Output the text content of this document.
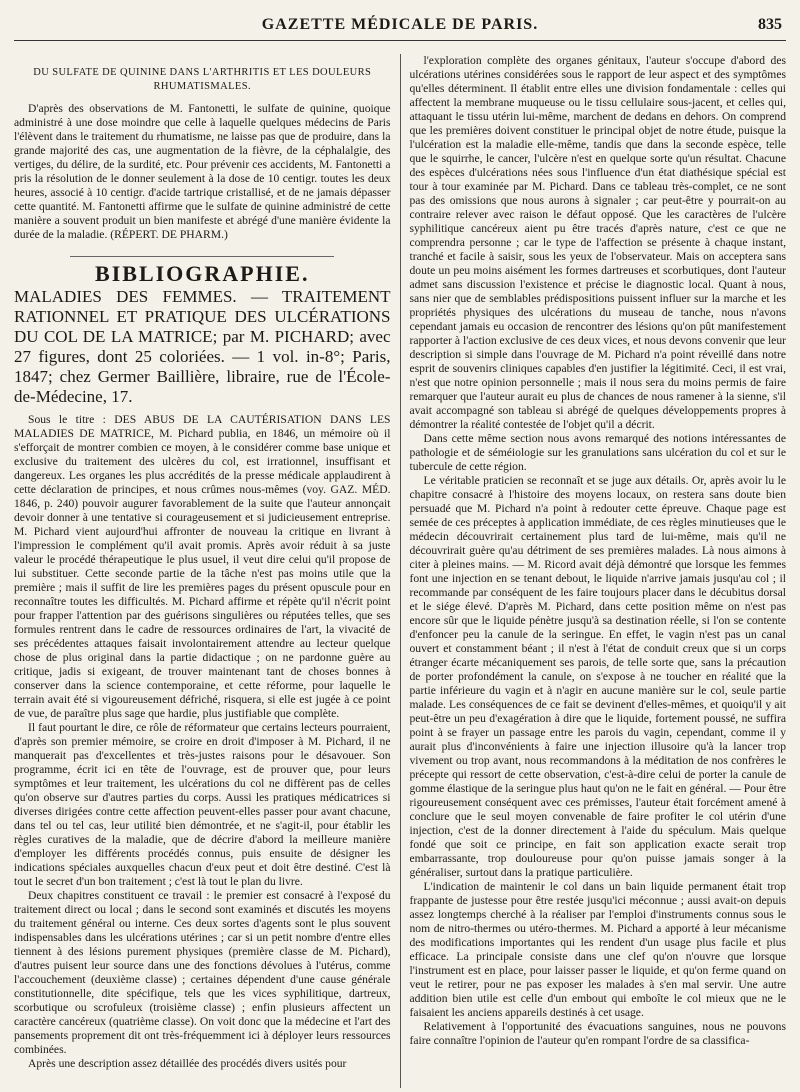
GAZETTE MÉDICALE DE PARIS.	835

DU SULFATE DE QUININE DANS L'ARTHRITIS ET LES DOULEURS RHUMATISMALES.

D'après des observations de M. Fantonetti, le sulfate de quinine, quoique administré à une dose moindre que celle à laquelle quelques médecins de Paris l'élèvent dans le traitement du rhumatisme, ne laisse pas que de produire, dans la grande majorité des cas, une augmentation de la fièvre, de la céphalalgie, des vertiges, du délire, de la surdité, etc. Pour prévenir ces accidents, M. Fantonetti a pris la résolution de le donner seulement à la dose de 10 centigr. toutes les deux heures, associé à 10 centigr. d'acide tartrique cristallisé, et de ne jamais dépasser cette quantité. M. Fantonetti affirme que le sulfate de quinine administré de cette manière a souvent produit un bien manifeste et abrégé d'une manière évidente la durée de la maladie. (RÉPERT. DE PHARM.)

BIBLIOGRAPHIE.

MALADIES DES FEMMES. — TRAITEMENT RATIONNEL ET PRATIQUE DES ULCÉRATIONS DU COL DE LA MATRICE; par M. PICHARD; avec 27 figures, dont 25 coloriées. — 1 vol. in-8°; Paris, 1847; chez Germer Baillière, libraire, rue de l'École-de-Médecine, 17.

Sous le titre : DES ABUS DE LA CAUTÉRISATION DANS LES MALADIES DE MATRICE, M. Pichard publia, en 1846, un mémoire où il s'efforçait de montrer combien ce moyen, à le considérer comme base unique et exclusive du traitement des ulcères du col, est irrationnel, insuffisant et dangereux. Les organes les plus accrédités de la presse médicale applaudirent à cette déclaration de principes, et nous crûmes nous-mêmes (voy. GAZ. MÉD. 1846, p. 240) pouvoir augurer favorablement de la suite que l'auteur annonçait devoir donner à une tentative si courageusement et si judicieusement entreprise. M. Pichard vient aujourd'hui affronter de nouveau la critique en livrant à l'impression le complément qu'il avait promis. Après avoir réduit à sa juste valeur le procédé thérapeutique le plus usuel, il veut dire celui qu'il propose de lui substituer. Cette seconde partie de la tâche n'est pas moins utile que la première ; mais il suffit de lire les premières pages du présent opuscule pour en reconnaître toutes les difficultés. M. Pichard affirme et répète qu'il n'écrit point pour frapper l'attention par des guérisons singulières ou réputées telles, que ses formules rentrent dans le cadre de ressources ordinaires de l'art, la vivacité de ses précédentes attaques faisait involontairement attendre au lecteur quelque chose de plus original dans la partie didactique ; on ne pardonne guère au critique, jadis si exigeant, de trouver maintenant tant de choses bonnes à conserver dans la science contemporaine, et cette réforme, pour laquelle le terrain avait été si vigoureusement défriché, risquera, si elle est jugée à ce point de vue, de paraître plus sage que hardie, plus justifiable que complète.

Il faut pourtant le dire, ce rôle de réformateur que certains lecteurs pourraient, d'après son premier mémoire, se croire en droit d'imposer à M. Pichard, il ne manquerait pas d'excellentes et très-justes raisons pour le désavouer. Son programme, écrit ici en tête de l'ouvrage, est de prouver que, pour leurs symptômes et leur traitement, les ulcérations du col ne diffèrent pas de celles qu'on observe sur d'autres parties du corps. Aussi les pratiques médicatrices si diverses dirigées contre cette affection peuvent-elles passer pour avant chacune, dans tel ou tel cas, leur utilité bien démontrée, et ne s'agit-il, pour établir les règles curatives de la maladie, que de décrire d'abord la meilleure manière d'employer les différents procédés connus, puis ensuite de désigner les indications spéciales auxquelles chacun d'eux peut et doit être destiné. C'est là tout le secret d'un bon traitement ; c'est là tout le plan du livre.

Deux chapitres constituent ce travail : le premier est consacré à l'exposé du traitement direct ou local ; dans le second sont examinés et discutés les moyens du traitement général ou interne. Ces deux sortes d'agents sont le plus souvent indispensables dans les ulcérations utérines ; car si un petit nombre d'entre elles tiennent à des lésions purement physiques (première classe de M. Pichard), d'autres puisent leur source dans une des fonctions dévolues à l'utérus, comme l'accouchement (deuxième classe) ; certaines dépendent d'une cause générale constitutionnelle, dite spécifique, tels que les vices syphilitique, dartreux, scorbutique ou scrofuleux (troisième classe) ; enfin plusieurs affectent un caractère cancéreux (quatrième classe). On voit donc que la médecine et l'art des pansements proprement dit ont très-fréquemment ici à déployer leurs ressources combinées.

Après une description assez détaillée des procédés divers usités pour

l'exploration complète des organes génitaux, l'auteur s'occupe d'abord des ulcérations utérines considérées sous le rapport de leur aspect et des symptômes qu'elles déterminent. Il établit entre elles une division fondamentale : celles qui affectent la membrane muqueuse ou le tissu cellulaire sous-jacent, et celles qui, attaquant le tissu utérin lui-même, marchent de dedans en dehors. On comprend que les premières doivent constituer le principal objet de notre étude, puisque la l'ulcération est la maladie elle-même, tandis que dans la seconde espèce, telle que le squirrhe, le cancer, l'ulcère n'est en quelque sorte qu'un résultat. Chacune des espèces d'ulcérations nées sous l'influence d'un état diathésique spécial est tour à tour examinée par M. Pichard. Dans ce tableau très-complet, ce ne sont pas des omissions que nous aurons à signaler ; car peut-être y pourrait-on au contraire relever avec raison le défaut opposé. Que les caractères de l'ulcère syphilitique cancéreux aient pu être tracés d'après nature, c'est ce que ne comprendra personne ; car le type de l'affection se présente à chaque instant, tranché et facile à saisir, sous les yeux de l'observateur. Mais on acceptera sans doute un peu moins aisément les formes dartreuses et scorbutiques, dont l'auteur admet sans discussion l'existence et précise le diagnostic local. Quant à nous, sans nier que de semblables prédispositions puissent influer sur la marche et les propriétés physiques des ulcérations du museau de tanche, nous n'avons cependant jamais eu occasion de rencontrer des lésions qu'on pût manifestement rapporter à l'action exclusive de ces deux vices, et nous devons convenir que leur description si simple dans l'ouvrage de M. Pichard n'a point réveillé dans notre esprit de souvenirs cliniques capables d'en justifier la légitimité. Ceci, il est vrai, n'est que notre opinion personnelle ; mais il nous sera du moins permis de faire remarquer que l'auteur aurait eu plus de chances de nous ramener à la sienne, s'il avait accompagné son tableau si abrégé de quelques développements propres à démontrer la réalité contestée de l'objet qu'il a décrit.

Dans cette même section nous avons remarqué des notions intéressantes de pathologie et de séméiologie sur les granulations sans ulcération du col et sur le tubercule de cette région.

Le véritable praticien se reconnaît et se juge aux détails. Or, après avoir lu le chapitre consacré à l'histoire des moyens locaux, on restera sans doute bien persuadé que M. Pichard n'a point à redouter cette épreuve. Chaque page est semée de ces préceptes à application immédiate, de ces règles minutieuses que le médecin découvrirait certainement plus tard de lui-même, mais qu'il ne découvrirait guère qu'au détriment de ses premières malades. Là nous aimons à citer à pleines mains. — M. Ricord avait déjà démontré que lorsque les femmes font une injection en se tenant debout, le liquide n'arrive jamais jusqu'au col ; il recommande par conséquent de les faire toujours placer dans le décubitus dorsal et le siége élevé. D'après M. Pichard, dans cette position même on n'est pas encore sûr que le liquide pénètre jusqu'à sa destination réelle, si l'on se contente d'enfoncer peu la canule de la seringue. En effet, le vagin n'est pas un canal ouvert et constamment béant ; il n'est à l'état de conduit creux que si un corps étranger écarte mécaniquement ses parois, de telle sorte que, sans la précaution de porter profondément la canule, on s'expose à ne toucher en réalité que la partie inférieure du vagin et à n'agir en aucune manière sur le col, seule partie malade. Les conséquences de ce fait se devinent d'elles-mêmes, et quoiqu'il y ait peut-être un peu d'exagération à dire que le liquide, fortement poussé, ne suffira point à se frayer un passage entre les parois du vagin, cependant, comme il y aurait plus d'inconvénients à faire une injection illusoire qu'à la lancer trop vivement ou trop avant, nous recommandons à la méditation de nos confrères le précepte qui ressort de cette observation, c'est-à-dire celui de porter la canule de gomme élastique de la seringue plus haut qu'on ne le fait en général. — Pour être rigoureusement conséquent avec ces prémisses, l'auteur était forcément amené à conclure que le seul moyen convenable de faire profiter le col utérin d'une injection, c'est de la donner directement à l'aide du spéculum. Mais quelque fondé que soit ce principe, en fait son application exacte serait trop embarrassante, trop douloureuse pour qu'on puisse jamais songer à la généraliser, surtout dans la pratique particulière.

L'indication de maintenir le col dans un bain liquide permanent était trop frappante de justesse pour être restée jusqu'ici méconnue ; aussi avait-on depuis assez longtemps cherché à la réaliser par l'emploi d'instruments connus sous le nom de nitro-thermes ou utéro-thermes. M. Pichard a apporté à leur mécanisme des modifications importantes qui les rendent d'un usage plus facile et plus efficace. La principale consiste dans une clef qu'on n'ouvre que lorsque l'instrument est en place, pour laisser passer le liquide, et qu'on ferme quand on veut le retirer, pour ne pas exposer les malades à s'en mal servir. Une autre addition bien utile est celle d'un embout qui emboîte le col mieux que ne le faisaient les anciens appareils destinés à cet usage.

Relativement à l'opportunité des évacuations sanguines, nous ne pouvons faire connaître l'opinion de l'auteur qu'en rompant l'ordre de sa classifica-
